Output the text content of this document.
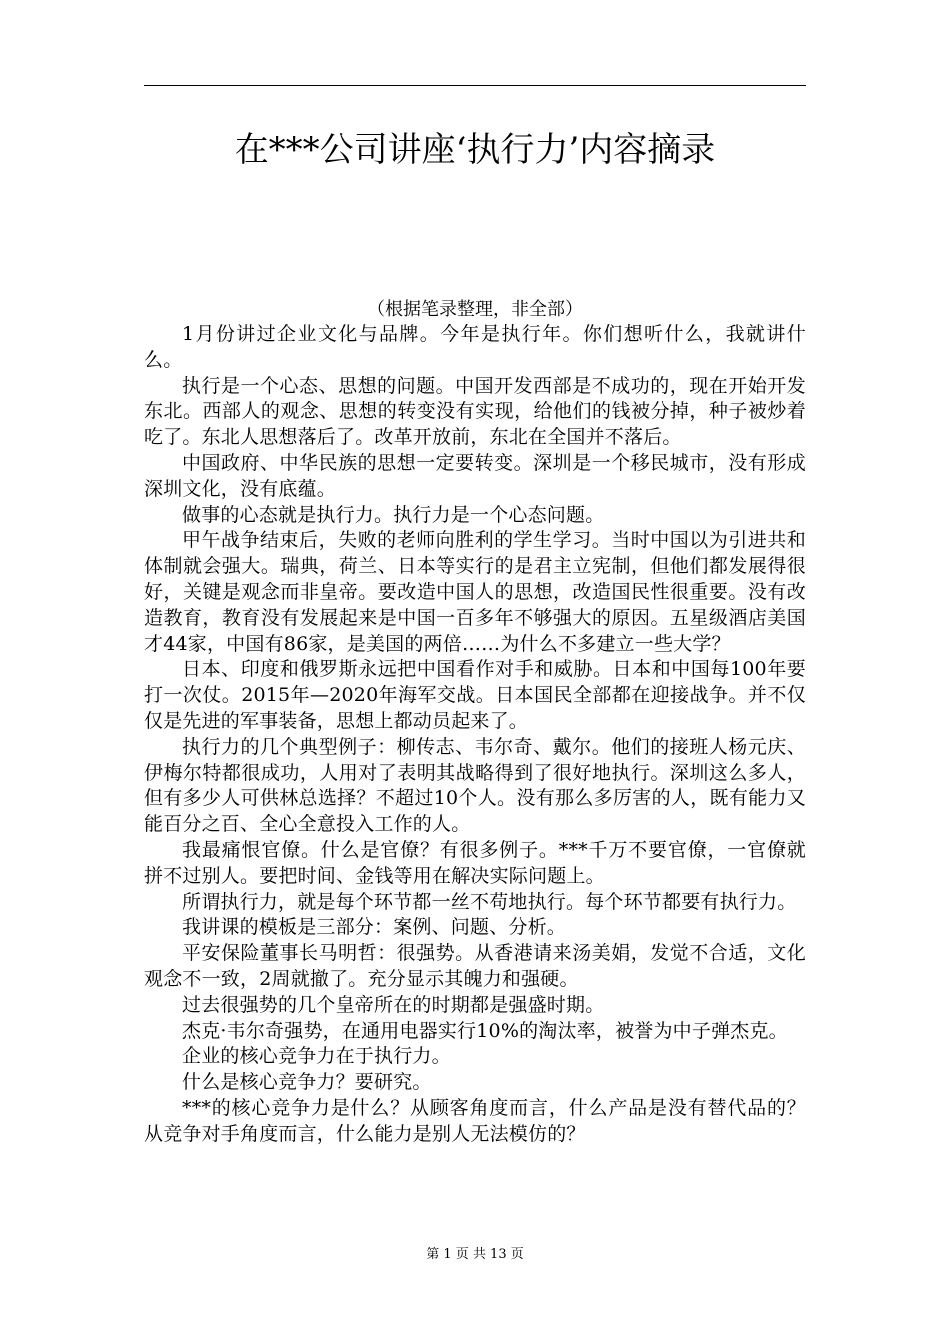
在***公司讲座‘执行力’内容摘录
（根据笔录整理，非全部）

1月份讲过企业文化与品牌。今年是执行年。你们想听什么，我就讲什么。

执行是一个心态、思想的问题。中国开发西部是不成功的，现在开始开发东北。西部人的观念、思想的转变没有实现，给他们的钱被分掉，种子被炒着吃了。东北人思想落后了。改革开放前，东北在全国并不落后。

中国政府、中华民族的思想一定要转变。深圳是一个移民城市，没有形成深圳文化，没有底蕴。

做事的心态就是执行力。执行力是一个心态问题。

甲午战争结束后，失败的老师向胜利的学生学习。当时中国以为引进共和体制就会强大。瑞典，荷兰、日本等实行的是君主立宪制，但他们都发展得很好，关键是观念而非皇帝。要改造中国人的思想，改造国民性很重要。没有改造教育，教育没有发展起来是中国一百多年不够强大的原因。五星级酒店美国才44家，中国有86家，是美国的两倍……为什么不多建立一些大学？

日本、印度和俄罗斯永远把中国看作对手和威胁。日本和中国每100年要打一次仗。2015年—2020年海军交战。日本国民全部都在迎接战争。并不仅仅是先进的军事装备，思想上都动员起来了。

执行力的几个典型例子：柳传志、韦尔奇、戴尔。他们的接班人杨元庆、伊梅尔特都很成功，人用对了表明其战略得到了很好地执行。深圳这么多人，但有多少人可供林总选择？不超过10个人。没有那么多厉害的人，既有能力又能百分之百、全心全意投入工作的人。

我最痛恨官僚。什么是官僚？有很多例子。***千万不要官僚，一官僚就拼不过别人。要把时间、金钱等用在解决实际问题上。

所谓执行力，就是每个环节都一丝不苟地执行。每个环节都要有执行力。

我讲课的模板是三部分：案例、问题、分析。

平安保险董事长马明哲：很强势。从香港请来汤美娟，发觉不合适，文化观念不一致，2周就撤了。充分显示其魄力和强硬。

过去很强势的几个皇帝所在的时期都是强盛时期。

杰克·韦尔奇强势，在通用电器实行10%的淘汰率，被誉为中子弹杰克。

企业的核心竞争力在于执行力。

什么是核心竞争力？要研究。

***的核心竞争力是什么？从顾客角度而言，什么产品是没有替代品的？从竞争对手角度而言，什么能力是别人无法模仿的？

第 1 页 共 13 页
